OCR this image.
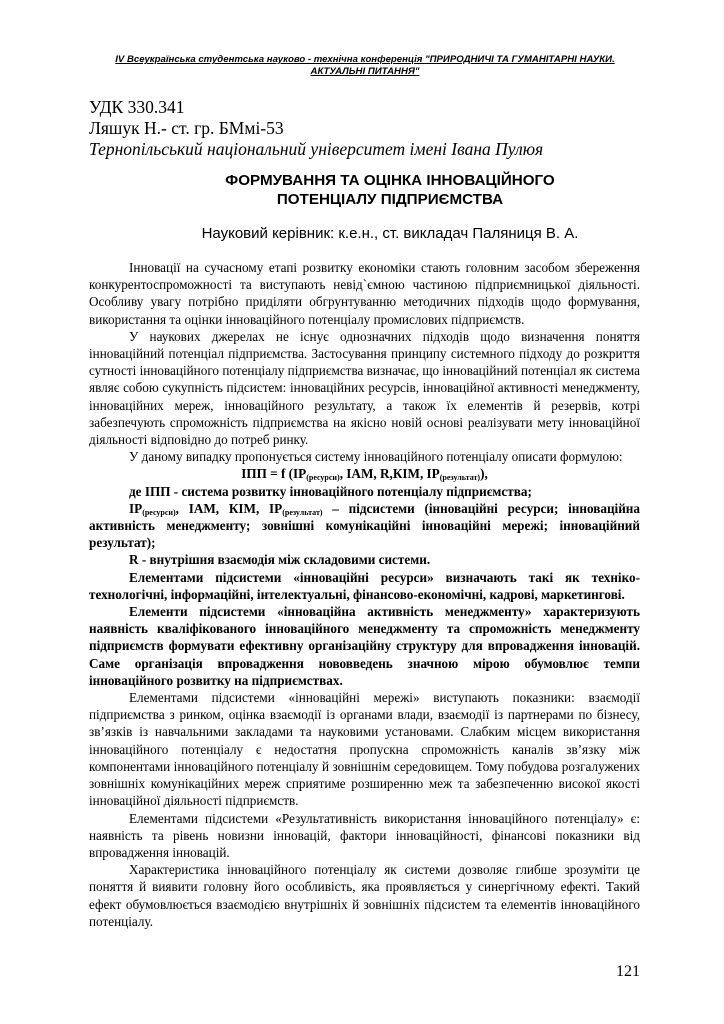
IV Всеукраїнська студентська науково - технічна конференція "ПРИРОДНИЧІ ТА ГУМАНІТАРНІ НАУКИ. АКТУАЛЬНІ ПИТАННЯ"
УДК 330.341
Ляшук Н.- ст. гр. БМмі-53
Тернопільський національний університет імені Івана Пулюя
ФОРМУВАННЯ ТА ОЦІНКА ІННОВАЦІЙНОГО
ПОТЕНЦІАЛУ ПІДПРИЄМСТВА
Науковий керівник: к.е.н., ст. викладач Паляниця В. А.

Інновації на сучасному етапі розвитку економіки стають головним засобом збереження конкурентоспроможності та виступають невід`ємною частиною підприємницької діяльності. Особливу увагу потрібно приділяти обгрунтуванню методичних підходів щодо формування, використання та оцінки інноваційного потенціалу промислових підприємств.

У наукових джерелах не існує однозначних підходів щодо визначення поняття інноваційний потенціал підприємства. Застосування принципу системного підходу до розкриття сутності інноваційного потенціалу підприємства визначає, що інноваційний потенціал як система являє собою сукупність підсистем: інноваційних ресурсів, інноваційної активності менеджменту, інноваційних мереж, інноваційного результату, а також їх елементів й резервів, котрі забезпечують спроможність підприємства на якісно новій основі реалізувати мету інноваційної діяльності відповідно до потреб ринку.

У даному випадку пропонується систему інноваційного потенціалу описати формулою:

ІПП = f ($ІР_{(ресурси)}$, ІАМ, R,КІМ, $ІР_{(результат)}$),

де ІПП - система розвитку інноваційного потенціалу підприємства;

$ІР_{(ресурси)}$, ІАМ, КІМ, $ІР_{(результат)}$ – підсистеми (інноваційні ресурси; інноваційна активність менеджменту; зовнішні комунікаційні інноваційні мережі; інноваційний результат);

R - внутрішня взаємодія між складовими системи.

Елементами підсистеми «інноваційні ресурси» визначають такі як техніко-технологічні, інформаційні, інтелектуальні, фінансово-економічні, кадрові, маркетингові.

Елементи підсистеми «інноваційна активність менеджменту» характеризують наявність кваліфікованого інноваційного менеджменту та спроможність менеджменту підприємств формувати ефективну організаційну структуру для впровадження інновацій. Саме організація впровадження нововведень значною мірою обумовлює темпи інноваційного розвитку на підприємствах.

Елементами підсистеми «інноваційні мережі» виступають показники: взаємодії підприємства з ринком, оцінка взаємодії із органами влади, взаємодії із партнерами по бізнесу, зв’язків із навчальними закладами та науковими установами. Слабким місцем використання інноваційного потенціалу є недостатня пропускна спроможність каналів зв’язку між компонентами інноваційного потенціалу й зовнішнім середовищем. Тому побудова розгалужених зовнішніх комунікаційних мереж сприятиме розширенню меж та забезпеченню високої якості інноваційної діяльності підприємств.

Елементами підсистеми «Результативність використання інноваційного потенціалу» є: наявність та рівень новизни інновацій, фактори інноваційності, фінансові показники від впровадження інновацій.

Характеристика інноваційного потенціалу як системи дозволяє глибше зрозуміти це поняття й виявити головну його особливість, яка проявляється у синергічному ефекті. Такий ефект обумовлюється взаємодією внутрішніх й зовнішніх підсистем та елементів інноваційного потенціалу.

121
